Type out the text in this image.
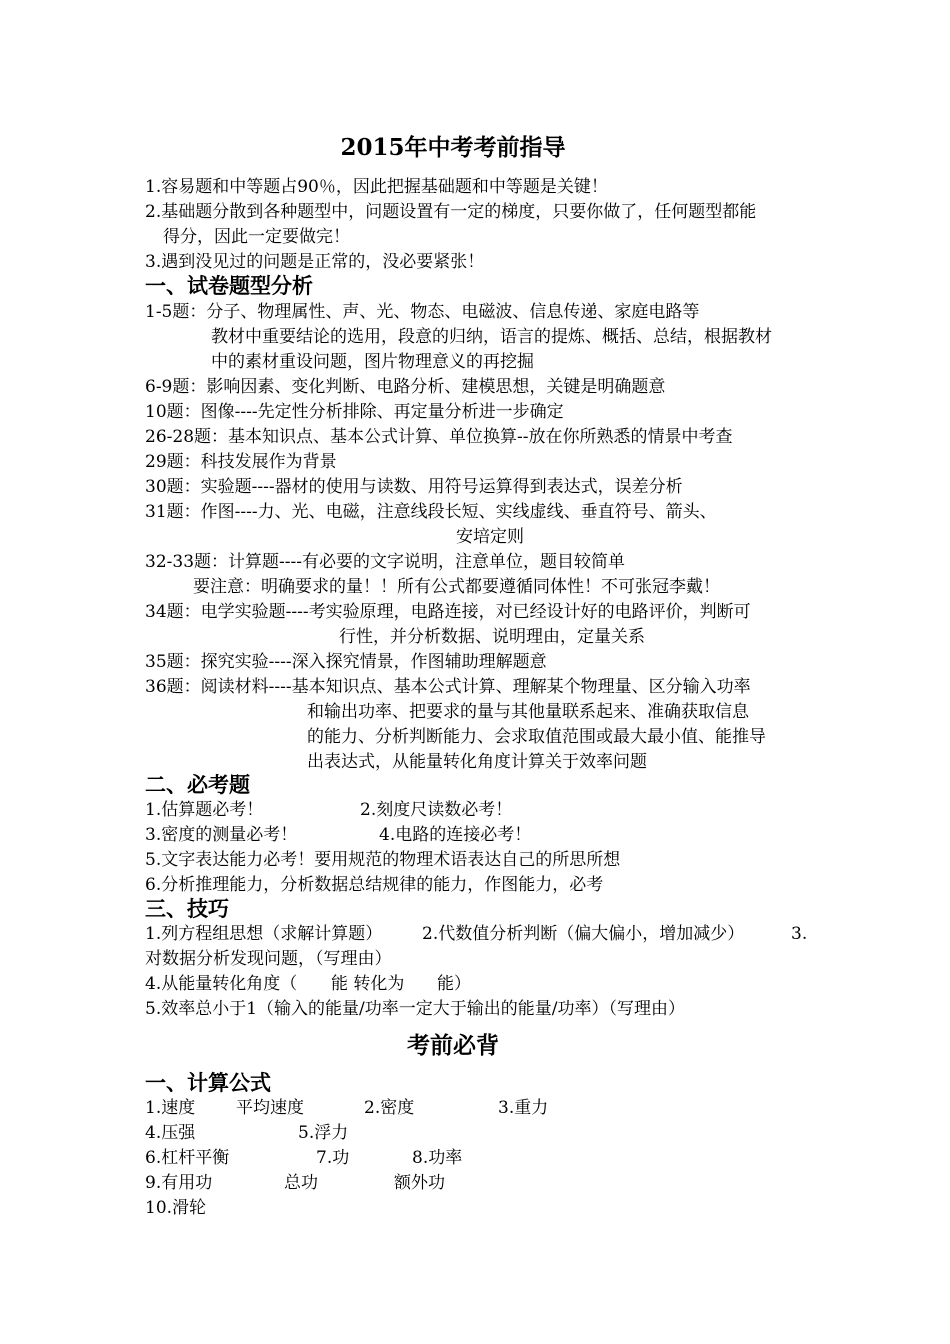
2015年中考考前指导
1.容易题和中等题占90％，因此把握基础题和中等题是关键！
2.基础题分散到各种题型中，问题设置有一定的梯度，只要你做了，任何题型都能
得分，因此一定要做完！
3.遇到没见过的问题是正常的，没必要紧张！
一、试卷题型分析
1-5题：分子、物理属性、声、光、物态、电磁波、信息传递、家庭电路等
教材中重要结论的选用，段意的归纳，语言的提炼、概括、总结，根据教材
中的素材重设问题，图片物理意义的再挖掘
6-9题：影响因素、变化判断、电路分析、建模思想，关键是明确题意
10题：图像----先定性分析排除、再定量分析进一步确定
26-28题：基本知识点、基本公式计算、单位换算--放在你所熟悉的情景中考查
29题：科技发展作为背景
30题：实验题----器材的使用与读数、用符号运算得到表达式，误差分析
31题：作图----力、光、电磁，注意线段长短、实线虚线、垂直符号、箭头、
安培定则
32-33题：计算题----有必要的文字说明，注意单位，题目较简单
要注意：明确要求的量！！所有公式都要遵循同体性！不可张冠李戴！
34题：电学实验题----考实验原理，电路连接，对已经设计好的电路评价，判断可
行性，并分析数据、说明理由，定量关系
35题：探究实验----深入探究情景，作图辅助理解题意
36题：阅读材料----基本知识点、基本公式计算、理解某个物理量、区分输入功率
和输出功率、把要求的量与其他量联系起来、准确获取信息
的能力、分析判断能力、会求取值范围或最大最小值、能推导
出表达式，从能量转化角度计算关于效率问题
二、必考题
1.估算题必考！	2.刻度尺读数必考！
3.密度的测量必考！	4.电路的连接必考！
5.文字表达能力必考！要用规范的物理术语表达自己的所思所想
6.分析推理能力，分析数据总结规律的能力，作图能力，必考
三、技巧
1.列方程组思想（求解计算题） 2.代数值分析判断（偏大偏小，增加减少）	3.
对数据分析发现问题，（写理由）
4.从能量转化角度（ 能 转化为 能）
5.效率总小于1（输入的能量/功率一定大于输出的能量/功率）（写理由）
考前必背
一、计算公式
1.速度 平均速度	2.密度	3.重力
4.压强	5.浮力
6.杠杆平衡	7.功	8.功率
9.有用功	总功	额外功
10.滑轮
